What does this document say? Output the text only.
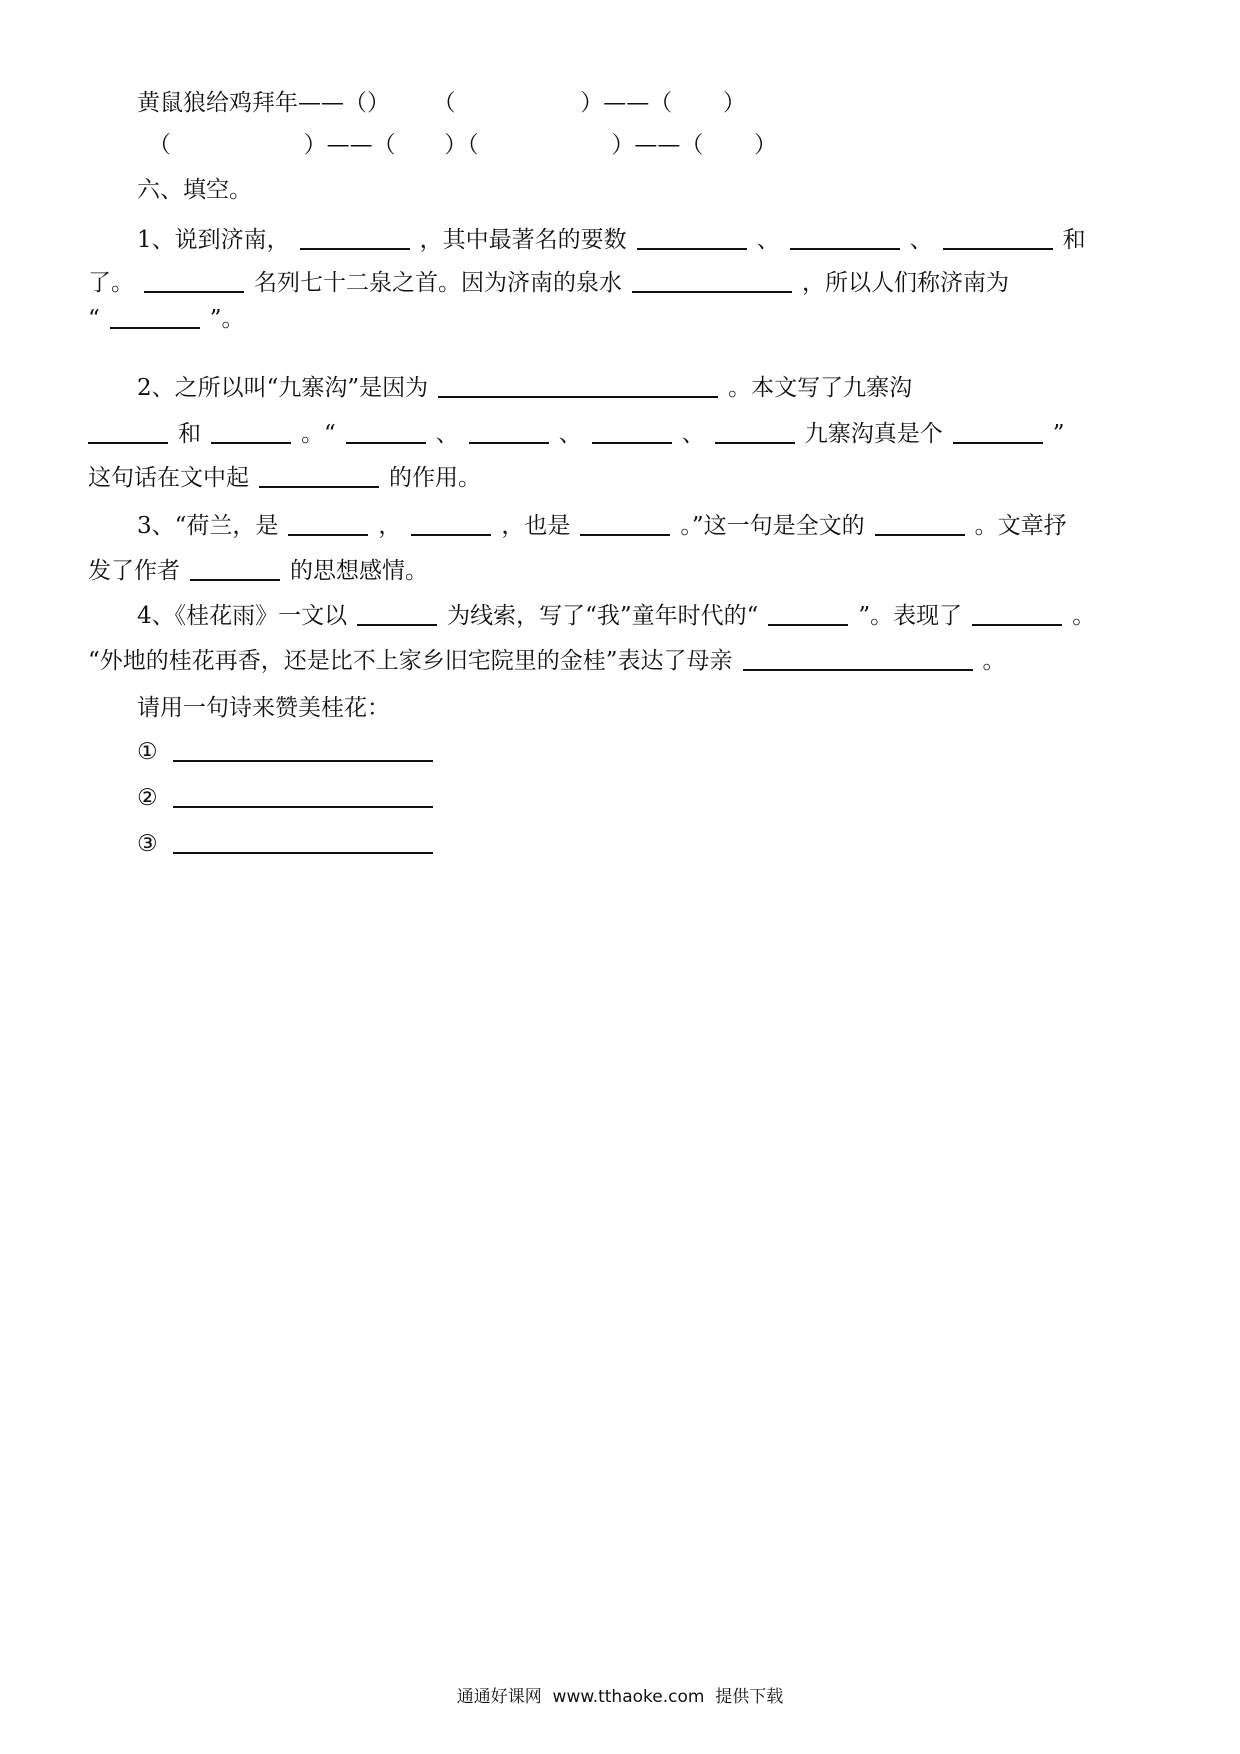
黄鼠狼给鸡拜年——（） （	）——（ ）
（	）——（ ）（	）——（ ）
六、填空。
1、说到济南，	，其中最著名的要数	、	、	和
了。	名列七十二泉之首。因为济南的泉水	，所以人们称济南为
“	”。
2、之所以叫“九寨沟”是因为	。本文写了九寨沟
和	。“	、	、	、	九寨沟真是个	”
这句话在文中起	的作用。
3、“荷兰，是	，	，也是	。”这一句是全文的	。文章抒
发了作者	的思想感情。
4、《桂花雨》一文以	为线索，写了“我”童年时代的“	”。表现了	。
“外地的桂花再香，还是比不上家乡旧宅院里的金桂”表达了母亲	。
请用一句诗来赞美桂花：
①
②
③
通通好课网  www.tthaoke.com  提供下载
